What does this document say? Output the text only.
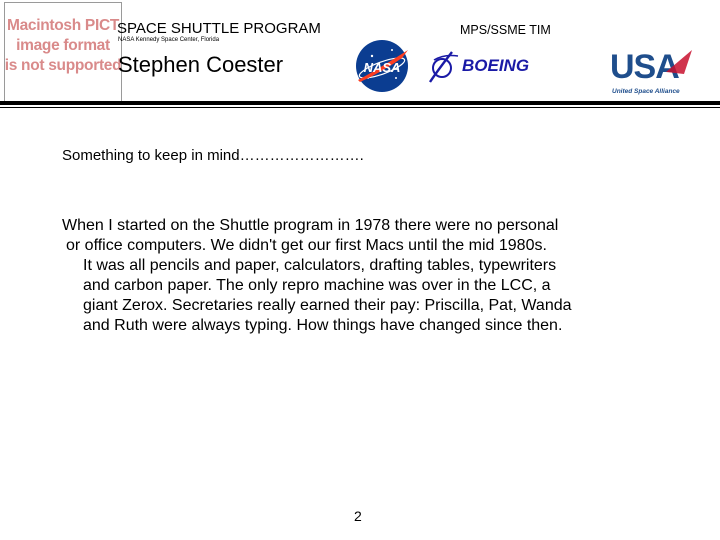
Macintosh PICT
image format
is not supported
SPACE SHUTTLE PROGRAM
NASA Kennedy Space Center, Florida
Stephen Coester
MPS/SSME TIM
NASA	BOEING USA
United Space Alliance
Something to keep in mind…………………….
When I started on the Shuttle program in 1978 there were no personal
or office computers. We didn't get our first Macs until the mid 1980s.
It was all pencils and paper, calculators, drafting tables, typewriters
and carbon paper. The only repro machine was over in the LCC, a
giant Zerox. Secretaries really earned their pay: Priscilla, Pat, Wanda
and Ruth were always typing. How things have changed since then.
2
